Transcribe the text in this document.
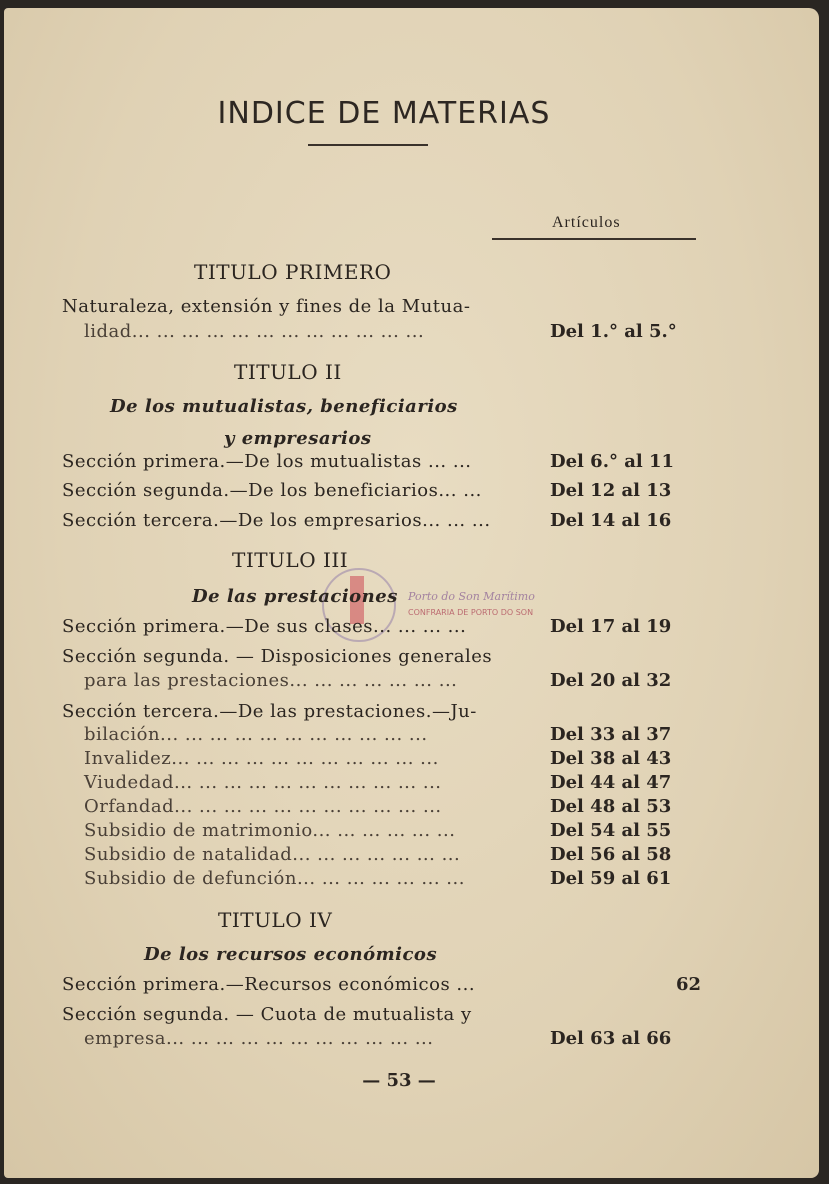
INDICE DE MATERIAS
Artículos
TITULO PRIMERO
Naturaleza, extensión y fines de la Mutua-
lidad... ... ... ... ... ... ... ... ... ... ... ...	Del 1.° al 5.°
TITULO II
De los mutualistas, beneficiarios
y empresarios
Sección primera.—De los mutualistas ... ...	Del 6.° al 11
Sección segunda.—De los beneficiarios... ...	Del 12 al 13
Sección tercera.—De los empresarios... ... ...	Del 14 al 16
Porto do Son Marítimo
CONFRARIA DE PORTO DO SON
TITULO III
De las prestaciones
Sección primera.—De sus clases... ... ... ...	Del 17 al 19
Sección segunda. — Disposiciones generales
para las prestaciones... ... ... ... ... ... ...	Del 20 al 32
Sección tercera.—De las prestaciones.—Ju-
bilación... ... ... ... ... ... ... ... ... ... ...	Del 33 al 37
Invalidez... ... ... ... ... ... ... ... ... ... ...	Del 38 al 43
Viudedad... ... ... ... ... ... ... ... ... ... ...	Del 44 al 47
Orfandad... ... ... ... ... ... ... ... ... ... ...	Del 48 al 53
Subsidio de matrimonio... ... ... ... ... ...	Del 54 al 55
Subsidio de natalidad... ... ... ... ... ... ...	Del 56 al 58
Subsidio de defunción... ... ... ... ... ... ...	Del 59 al 61
TITULO IV
De los recursos económicos
Sección primera.—Recursos económicos ...	62
Sección segunda. — Cuota de mutualista y
empresa... ... ... ... ... ... ... ... ... ... ...	Del 63 al 66
— 53 —
